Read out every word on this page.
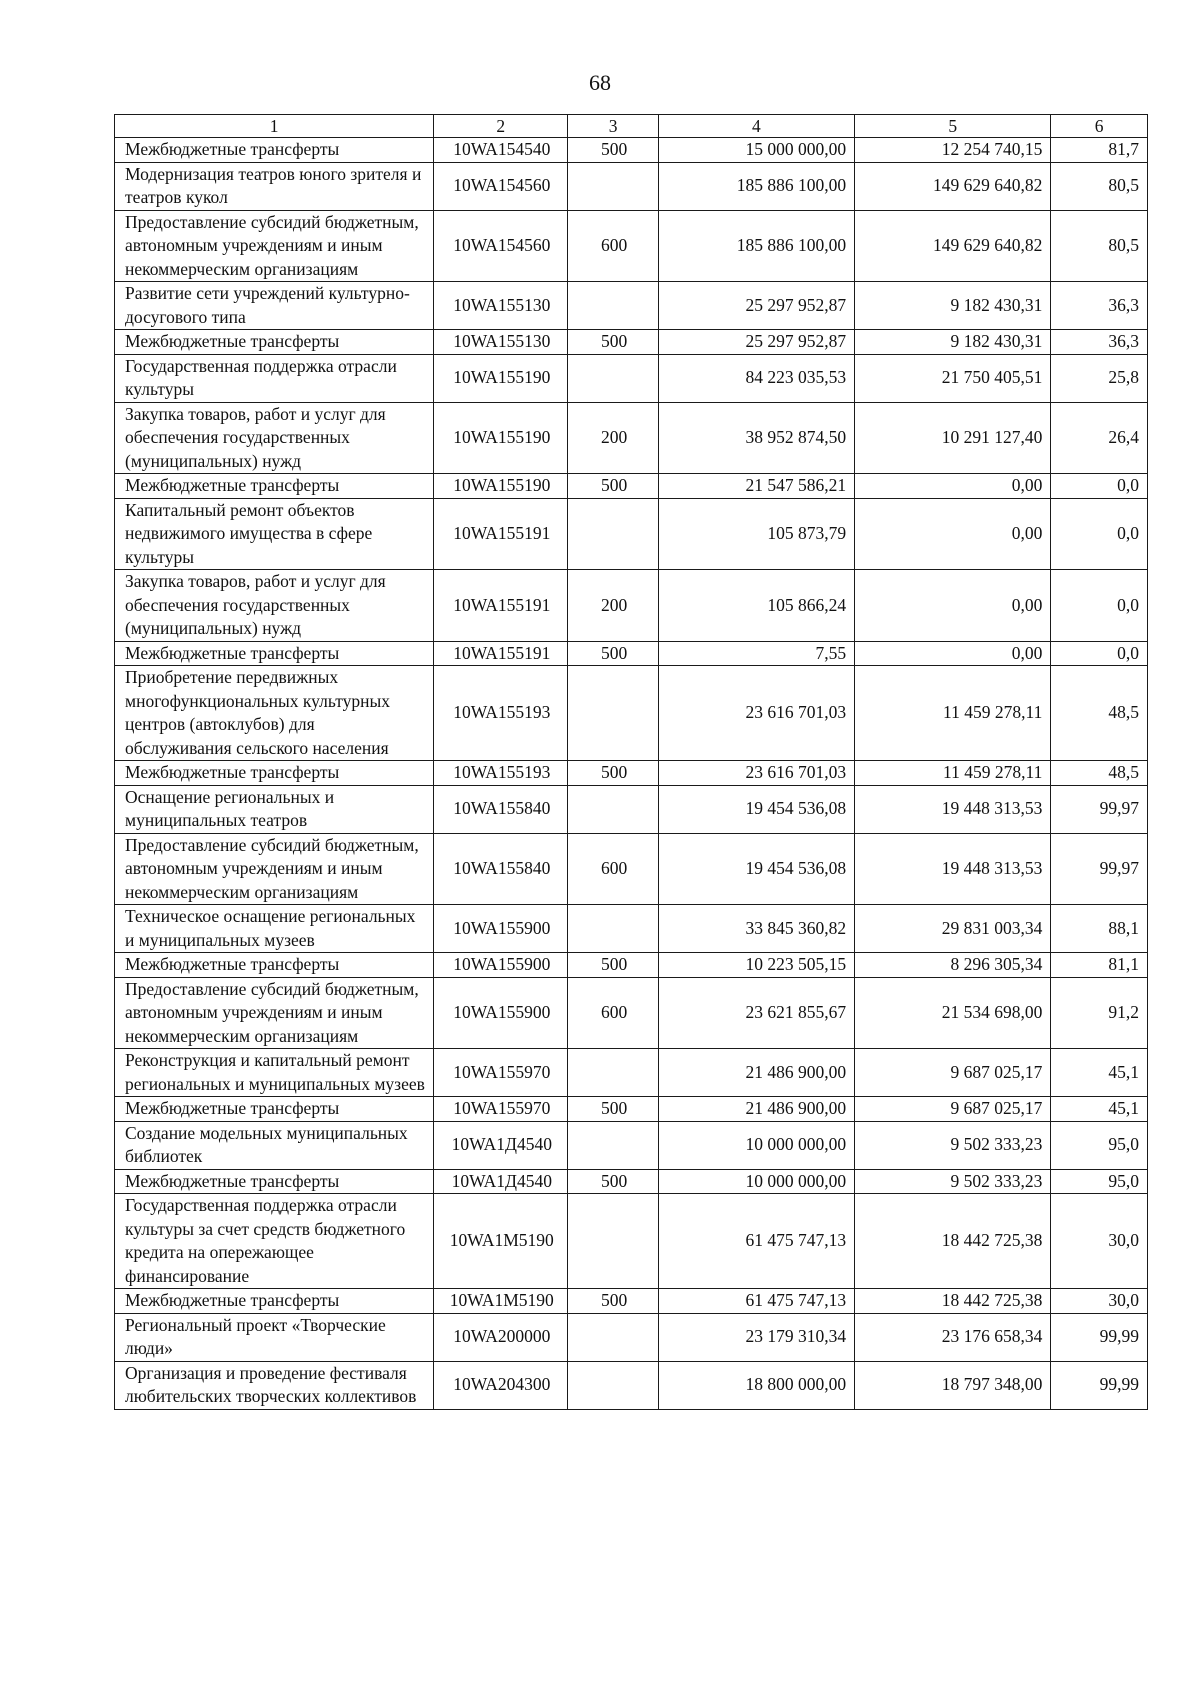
68
1	2	3	4	5	6
Межбюджетные трансферты	10WA154540	500	15 000 000,00	12 254 740,15	81,7
Модернизация театров юного зрителя и театров кукол	10WA154560		185 886 100,00	149 629 640,82	80,5
Предоставление субсидий бюджетным, автономным учреждениям и иным некоммерческим организациям	10WA154560	600	185 886 100,00	149 629 640,82	80,5
Развитие сети учреждений культурно-досугового типа	10WA155130		25 297 952,87	9 182 430,31	36,3
Межбюджетные трансферты	10WA155130	500	25 297 952,87	9 182 430,31	36,3
Государственная поддержка отрасли культуры	10WA155190		84 223 035,53	21 750 405,51	25,8
Закупка товаров, работ и услуг для обеспечения государственных (муниципальных) нужд	10WA155190	200	38 952 874,50	10 291 127,40	26,4
Межбюджетные трансферты	10WA155190	500	21 547 586,21	0,00	0,0
Капитальный ремонт объектов недвижимого имущества в сфере культуры	10WA155191		105 873,79	0,00	0,0
Закупка товаров, работ и услуг для обеспечения государственных (муниципальных) нужд	10WA155191	200	105 866,24	0,00	0,0
Межбюджетные трансферты	10WA155191	500	7,55	0,00	0,0
Приобретение передвижных многофункциональных культурных центров (автоклубов) для обслуживания сельского населения	10WA155193		23 616 701,03	11 459 278,11	48,5
Межбюджетные трансферты	10WA155193	500	23 616 701,03	11 459 278,11	48,5
Оснащение региональных и муниципальных театров	10WA155840		19 454 536,08	19 448 313,53	99,97
Предоставление субсидий бюджетным, автономным учреждениям и иным некоммерческим организациям	10WA155840	600	19 454 536,08	19 448 313,53	99,97
Техническое оснащение региональных и муниципальных музеев	10WA155900		33 845 360,82	29 831 003,34	88,1
Межбюджетные трансферты	10WA155900	500	10 223 505,15	8 296 305,34	81,1
Предоставление субсидий бюджетным, автономным учреждениям и иным некоммерческим организациям	10WA155900	600	23 621 855,67	21 534 698,00	91,2
Реконструкция и капитальный ремонт региональных и муниципальных музеев	10WA155970		21 486 900,00	9 687 025,17	45,1
Межбюджетные трансферты	10WA155970	500	21 486 900,00	9 687 025,17	45,1
Создание модельных муниципальных библиотек	10WA1Д4540		10 000 000,00	9 502 333,23	95,0
Межбюджетные трансферты	10WA1Д4540	500	10 000 000,00	9 502 333,23	95,0
Государственная поддержка отрасли культуры за счет средств бюджетного кредита на опережающее финансирование	10WA1M5190		61 475 747,13	18 442 725,38	30,0
Межбюджетные трансферты	10WA1M5190	500	61 475 747,13	18 442 725,38	30,0
Региональный проект «Творческие люди»	10WA200000		23 179 310,34	23 176 658,34	99,99
Организация и проведение фестиваля любительских творческих коллективов	10WA204300		18 800 000,00	18 797 348,00	99,99
